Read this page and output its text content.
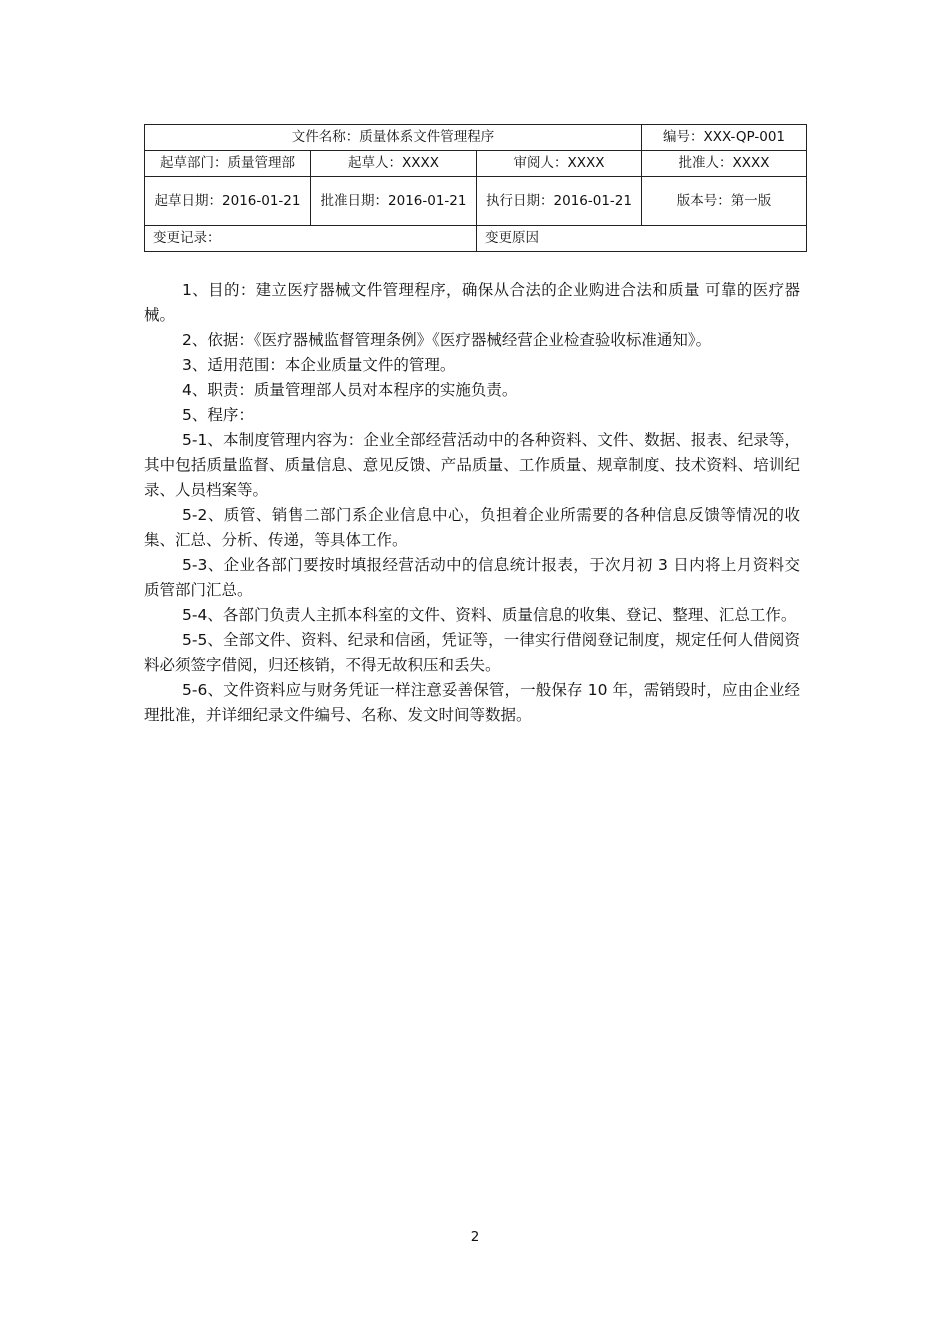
文件名称：质量体系文件管理程序			编号：XXX-QP-001
起草部门：质量管理部	起草人：XXXX	审阅人：XXXX	批准人：XXXX
起草日期：2016-01-21	批准日期：2016-01-21	执行日期：2016-01-21	版本号：第一版
变更记录：		变更原因	

1、目的：建立医疗器械文件管理程序，确保从合法的企业购进合法和质量 可靠的医疗器械。

2、依据：《医疗器械监督管理条例》《医疗器械经营企业检查验收标准通知》。

3、适用范围：本企业质量文件的管理。

4、职责：质量管理部人员对本程序的实施负责。

5、程序：

5-1、本制度管理内容为：企业全部经营活动中的各种资料、文件、数据、报表、纪录等，其中包括质量监督、质量信息、意见反馈、产品质量、工作质量、规章制度、技术资料、培训纪录、人员档案等。

5-2、质管、销售二部门系企业信息中心，负担着企业所需要的各种信息反馈等情况的收集、汇总、分析、传递，等具体工作。

5-3、企业各部门要按时填报经营活动中的信息统计报表，于次月初 3 日内将上月资料交质管部门汇总。

5-4、各部门负责人主抓本科室的文件、资料、质量信息的收集、登记、整理、汇总工作。

5-5、全部文件、资料、纪录和信函，凭证等，一律实行借阅登记制度，规定任何人借阅资料必须签字借阅，归还核销，不得无故积压和丢失。

5-6、文件资料应与财务凭证一样注意妥善保管，一般保存 10 年，需销毁时，应由企业经理批准，并详细纪录文件编号、名称、发文时间等数据。

2
